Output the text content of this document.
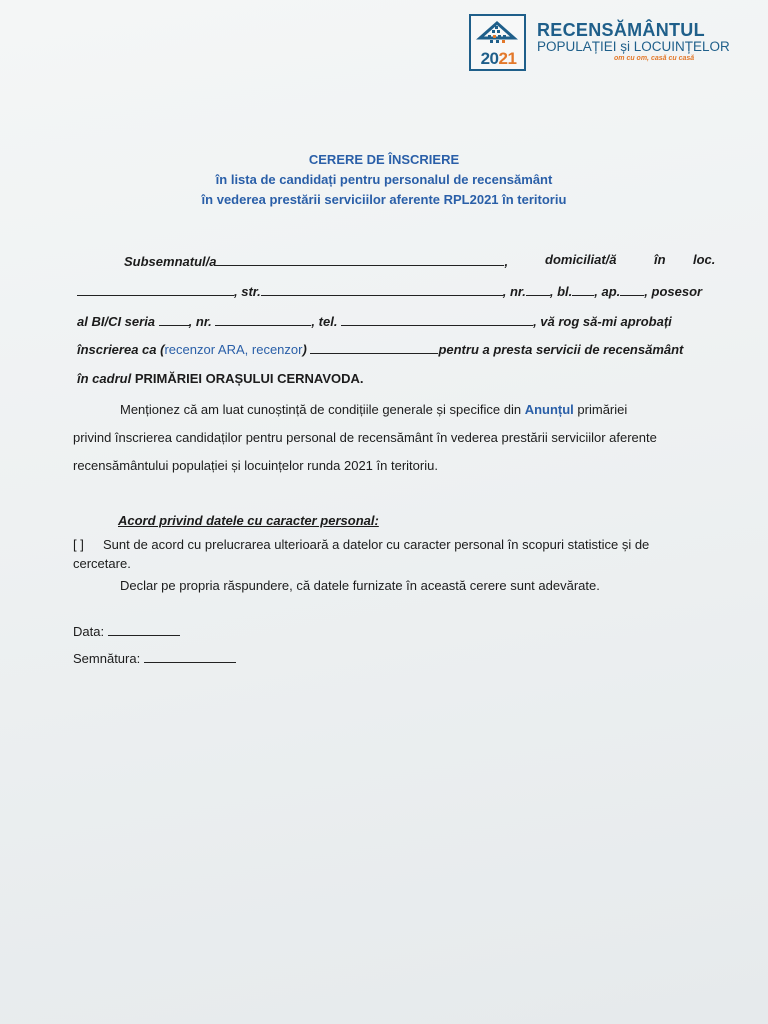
2021
RECENSĂMÂNTUL
POPULAȚIEI și LOCUINȚELOR
om cu om, casă cu casă
CERERE DE ÎNSCRIERE
în lista de candidați pentru personalul de recensământ
în vederea prestării serviciilor aferente RPL2021 în teritoriu
Subsemnatul/a	,	domiciliat/ă	în loc.
, str.	, nr. , bl. , ap. , posesor
al BI/CI seria	, nr.	, tel.	, vă rog să-mi aprobați
înscrierea ca (recenzor ARA, recenzor)	pentru a presta servicii de recensământ
în cadrul PRIMĂRIEI ORAȘULUI CERNAVODA.
Menționez că am luat cunoștință de condițiile generale și specifice din Anunțul primăriei
privind înscrierea candidaților pentru personal de recensământ în vederea prestării serviciilor aferente
recensământului populației și locuințelor runda 2021 în teritoriu.
Acord privind datele cu caracter personal:
[ ] Sunt de acord cu prelucrarea ulterioară a datelor cu caracter personal în scopuri statistice și de
cercetare.
Declar pe propria răspundere, că datele furnizate în această cerere sunt adevărate.
Data:
Semnătura:
